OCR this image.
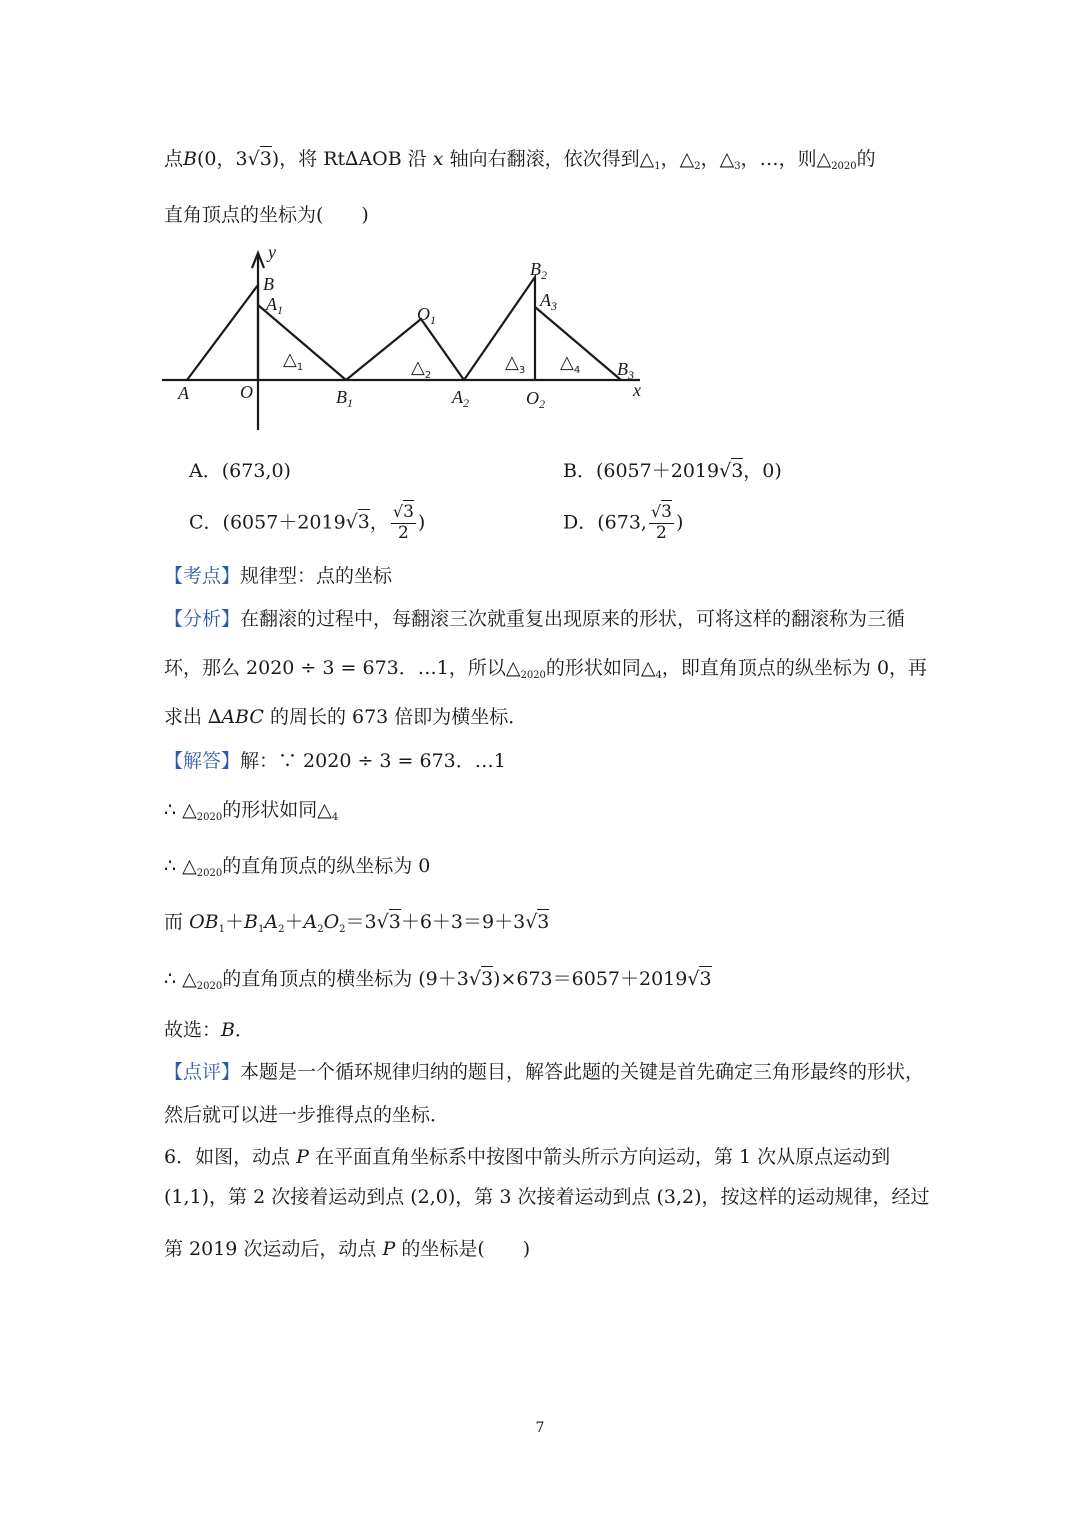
点B(0，3√3)，将 Rt∆AOB 沿 x 轴向右翻滚，依次得到$\triangle_1$，$\triangle_2$，$\triangle_3$，…，则$\triangle_{2020}$的
直角顶点的坐标为(　　)
y
x
A	O
B
$A_1$	$O_1$
$B_1$	$A_2$
$B_2$
$A_3$
$O_2$
$B_3$
$\triangle_1$	$\triangle_2$
$\triangle_3$ $\triangle_4$
A．(673,0)	B．(6057＋2019√3，0)
C．(6057＋2019√3， $\frac{√3}{2}$ )	D．(673, $\frac{√3}{2}$ )
【考点】规律型：点的坐标
【分析】在翻滚的过程中，每翻滚三次就重复出现原来的形状，可将这样的翻滚称为三循
环，那么 2020 ÷ 3 = 673．…1，所以$\triangle_{2020}$的形状如同$\triangle_4$，即直角顶点的纵坐标为 0，再
求出 ∆ABC 的周长的 673 倍即为横坐标．
【解答】解：∵ 2020 ÷ 3 = 673．…1
∴ $\triangle_{2020}$的形状如同$\triangle_4$
∴ $\triangle_{2020}$的直角顶点的纵坐标为 0
而 $OB_1+B_1A_2+A_2O_2=3√3+6+3=9+3√3$
∴ $\triangle_{2020}$的直角顶点的横坐标为 (9＋3√3)×673＝6057＋2019√3
故选：B．
【点评】本题是一个循环规律归纳的题目，解答此题的关键是首先确定三角形最终的形状，
然后就可以进一步推得点的坐标．
6．如图，动点 P 在平面直角坐标系中按图中箭头所示方向运动，第 1 次从原点运动到
(1,1)，第 2 次接着运动到点 (2,0)，第 3 次接着运动到点 (3,2)，按这样的运动规律，经过
第 2019 次运动后，动点 P 的坐标是(　　)
7
